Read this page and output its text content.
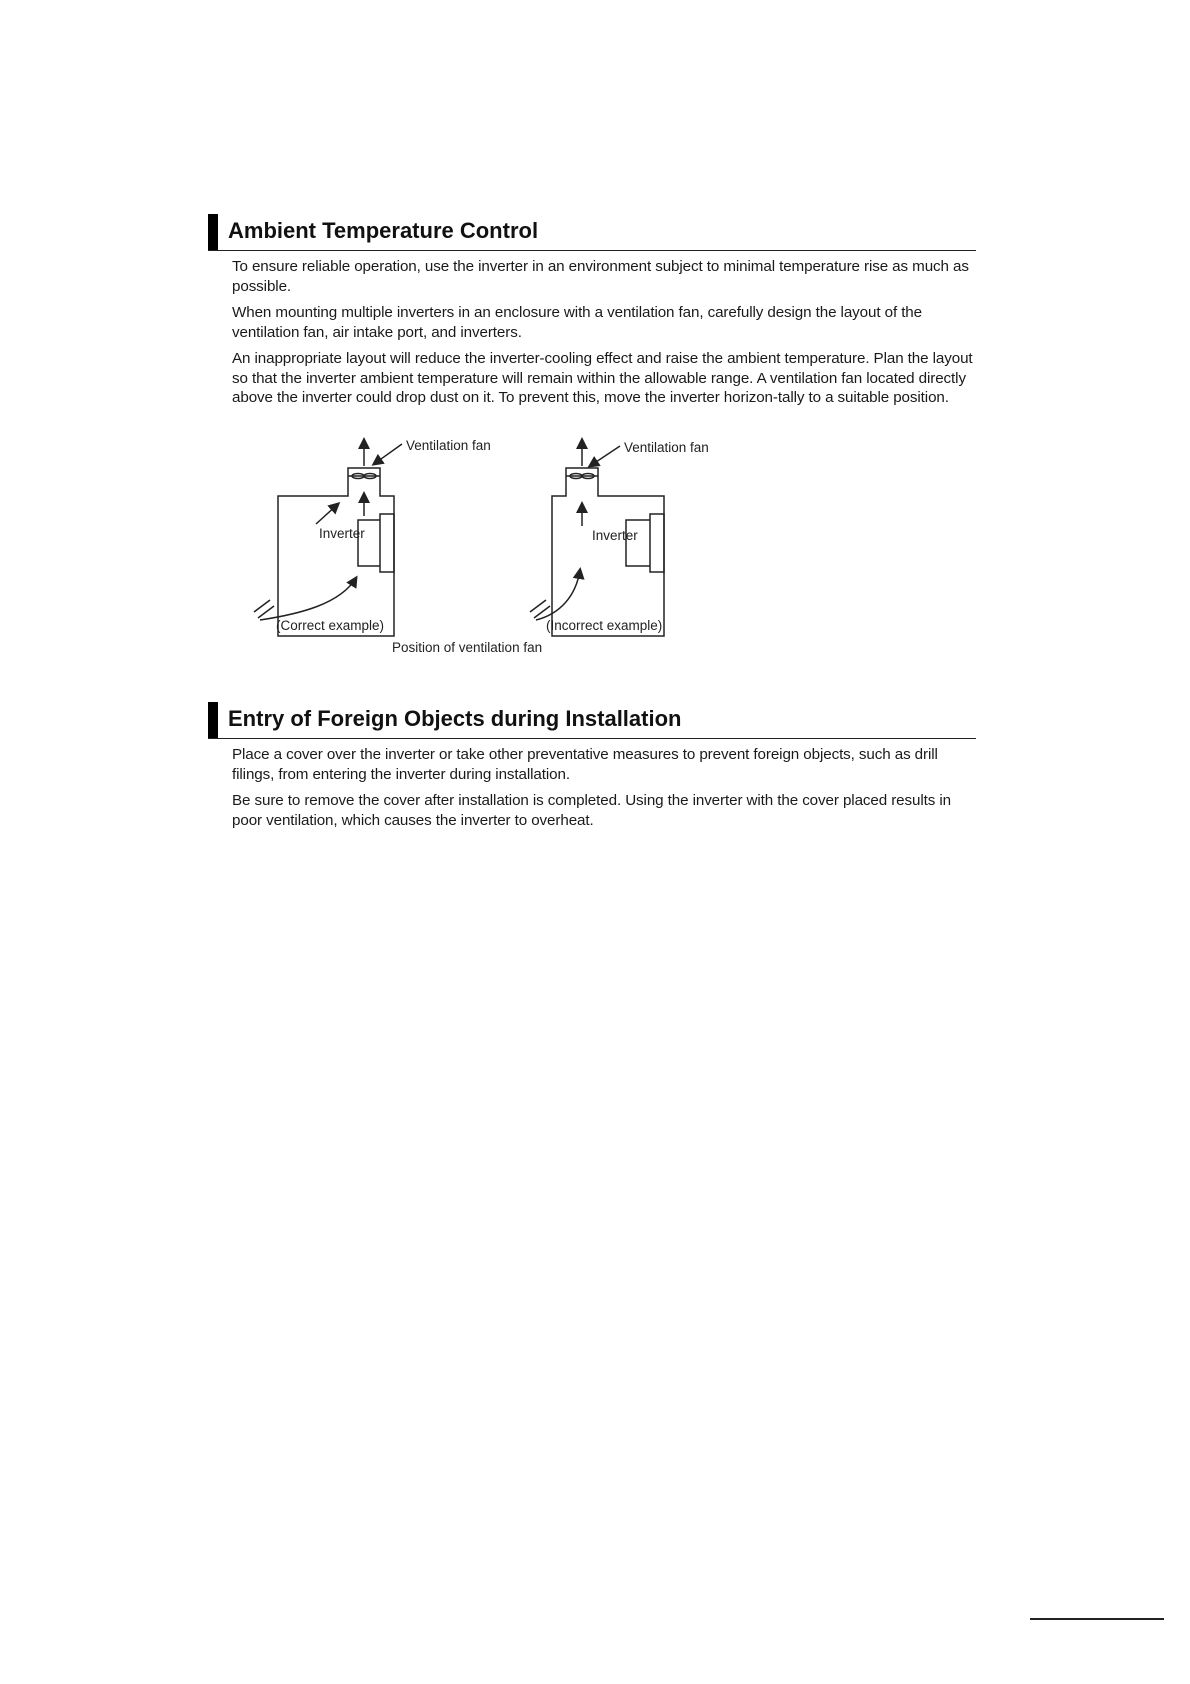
Ambient Temperature Control

To ensure reliable operation, use the inverter in an environment subject to minimal temperature rise as much as possible.

When mounting multiple inverters in an enclosure with a ventilation fan, carefully design the layout of the ventilation fan, air intake port, and inverters.

An inappropriate layout will reduce the inverter-cooling effect and raise the ambient temperature. Plan the layout so that the inverter ambient temperature will remain within the allowable range. A ventilation fan located directly above the inverter could drop dust on it. To prevent this, move the inverter horizon-tally to a suitable position.

Ventilation fan
Inverter
(Correct example)
Ventilation fan
Inverter
(Incorrect example)
Position of ventilation fan
Entry of Foreign Objects during Installation

Place a cover over the inverter or take other preventative measures to prevent foreign objects, such as drill filings, from entering the inverter during installation.

Be sure to remove the cover after installation is completed. Using the inverter with the cover placed results in poor ventilation, which causes the inverter to overheat.
